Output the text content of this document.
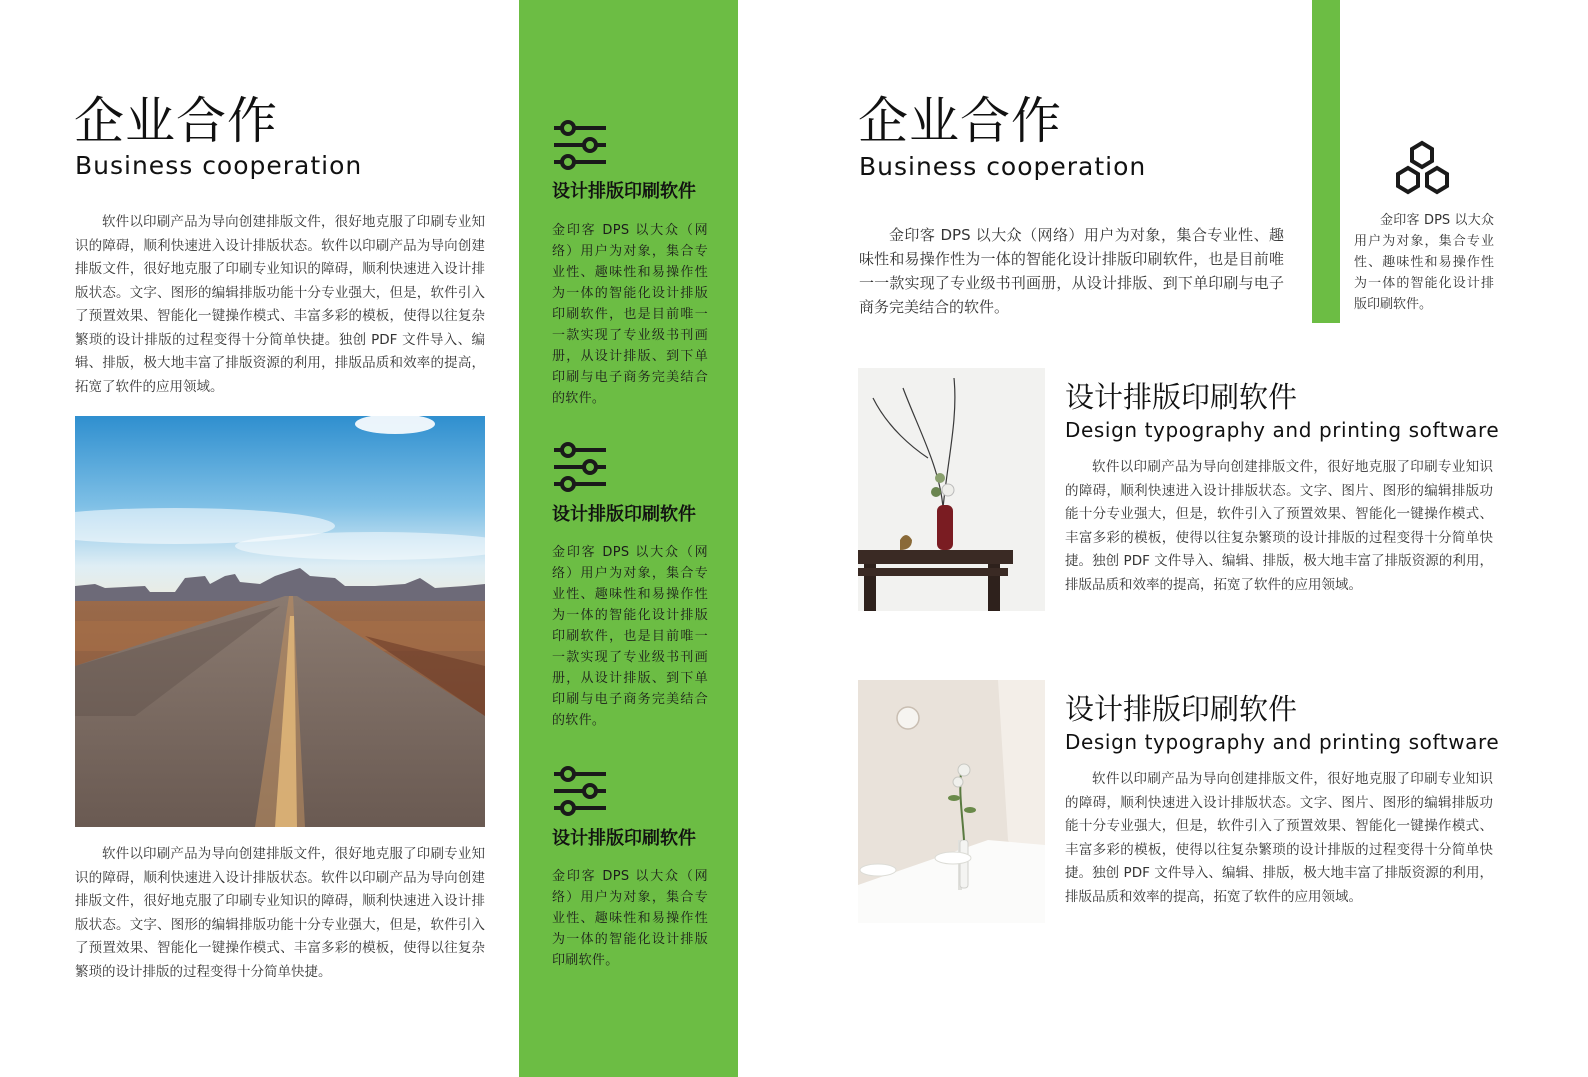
企业合作
Business cooperation
软件以印刷产品为导向创建排版文件，很好地克服了印刷专业知识的障碍，顺利快速进入设计排版状态。软件以印刷产品为导向创建排版文件，很好地克服了印刷专业知识的障碍，顺利快速进入设计排版状态。文字、图形的编辑排版功能十分专业强大，但是，软件引入了预置效果、智能化一键操作模式、丰富多彩的模板，使得以往复杂繁琐的设计排版的过程变得十分简单快捷。独创 PDF 文件导入、编辑、排版，极大地丰富了排版资源的利用，排版品质和效率的提高，拓宽了软件的应用领域。
软件以印刷产品为导向创建排版文件，很好地克服了印刷专业知识的障碍，顺利快速进入设计排版状态。软件以印刷产品为导向创建排版文件，很好地克服了印刷专业知识的障碍，顺利快速进入设计排版状态。文字、图形的编辑排版功能十分专业强大，但是，软件引入了预置效果、智能化一键操作模式、丰富多彩的模板，使得以往复杂繁琐的设计排版的过程变得十分简单快捷。
设计排版印刷软件
金印客 DPS 以大众（网络）用户为对象，集合专业性、趣味性和易操作性为一体的智能化设计排版印刷软件，也是目前唯一一款实现了专业级书刊画册，从设计排版、到下单印刷与电子商务完美结合的软件。
设计排版印刷软件
金印客 DPS 以大众（网络）用户为对象，集合专业性、趣味性和易操作性为一体的智能化设计排版印刷软件，也是目前唯一一款实现了专业级书刊画册，从设计排版、到下单印刷与电子商务完美结合的软件。
设计排版印刷软件
金印客 DPS 以大众（网络）用户为对象，集合专业性、趣味性和易操作性为一体的智能化设计排版印刷软件。
企业合作
Business cooperation
金印客 DPS 以大众（网络）用户为对象，集合专业性、趣味性和易操作性为一体的智能化设计排版印刷软件，也是目前唯一一款实现了专业级书刊画册，从设计排版、到下单印刷与电子商务完美结合的软件。
金印客 DPS 以大众用户为对象，集合专业性、趣味性和易操作性为一体的智能化设计排版印刷软件。
设计排版印刷软件
Design typography and printing software
软件以印刷产品为导向创建排版文件，很好地克服了印刷专业知识的障碍，顺利快速进入设计排版状态。文字、图片、图形的编辑排版功能十分专业强大，但是，软件引入了预置效果、智能化一键操作模式、丰富多彩的模板，使得以往复杂繁琐的设计排版的过程变得十分简单快捷。独创 PDF 文件导入、编辑、排版，极大地丰富了排版资源的利用，排版品质和效率的提高，拓宽了软件的应用领域。
设计排版印刷软件
Design typography and printing software
软件以印刷产品为导向创建排版文件，很好地克服了印刷专业知识的障碍，顺利快速进入设计排版状态。文字、图片、图形的编辑排版功能十分专业强大，但是，软件引入了预置效果、智能化一键操作模式、丰富多彩的模板，使得以往复杂繁琐的设计排版的过程变得十分简单快捷。独创 PDF 文件导入、编辑、排版，极大地丰富了排版资源的利用，排版品质和效率的提高，拓宽了软件的应用领域。
